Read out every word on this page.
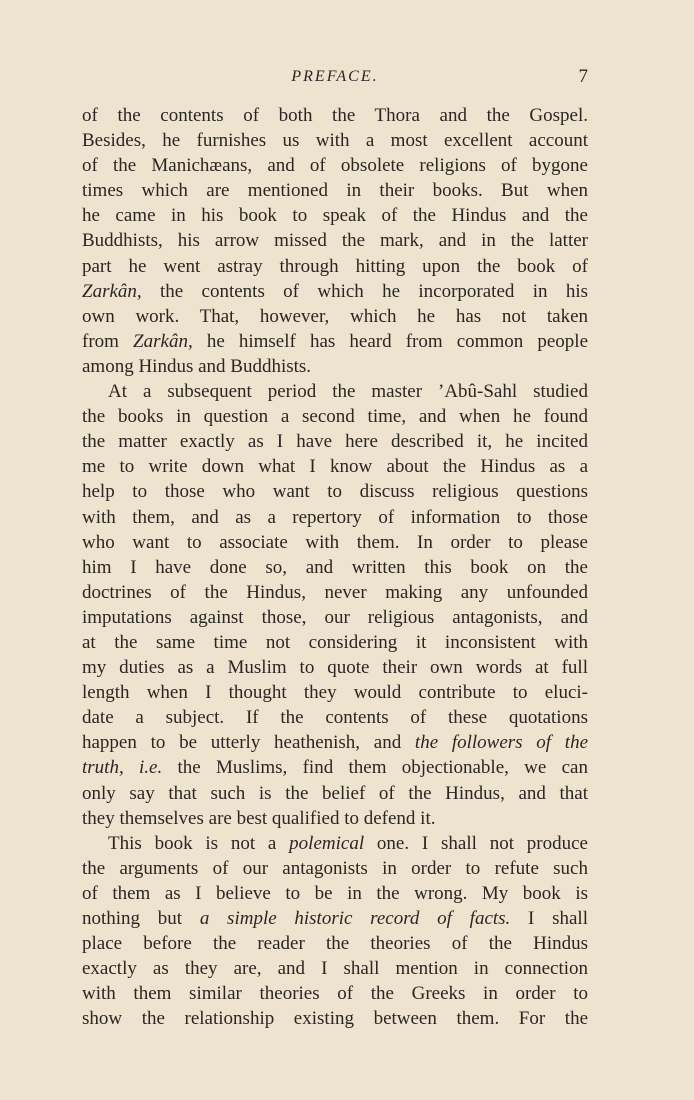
PREFACE.	7
of the contents of both the Thora and the Gospel.
Besides, he furnishes us with a most excellent account
of the Manichæans, and of obsolete religions of bygone
times which are mentioned in their books. But when
he came in his book to speak of the Hindus and the
Buddhists, his arrow missed the mark, and in the latter
part he went astray through hitting upon the book of
Zarkân, the contents of which he incorporated in his
own work. That, however, which he has not taken
from Zarkân, he himself has heard from common people
among Hindus and Buddhists.
At a subsequent period the master ’Abû-Sahl studied
the books in question a second time, and when he found
the matter exactly as I have here described it, he incited
me to write down what I know about the Hindus as a
help to those who want to discuss religious questions
with them, and as a repertory of information to those
who want to associate with them. In order to please
him I have done so, and written this book on the
doctrines of the Hindus, never making any unfounded
imputations against those, our religious antagonists, and
at the same time not considering it inconsistent with
my duties as a Muslim to quote their own words at full
length when I thought they would contribute to eluci-
date a subject. If the contents of these quotations
happen to be utterly heathenish, and the followers of the
truth, i.e. the Muslims, find them objectionable, we can
only say that such is the belief of the Hindus, and that
they themselves are best qualified to defend it.
This book is not a polemical one. I shall not produce
the arguments of our antagonists in order to refute such
of them as I believe to be in the wrong. My book is
nothing but a simple historic record of facts. I shall
place before the reader the theories of the Hindus
exactly as they are, and I shall mention in connection
with them similar theories of the Greeks in order to
show the relationship existing between them. For the
